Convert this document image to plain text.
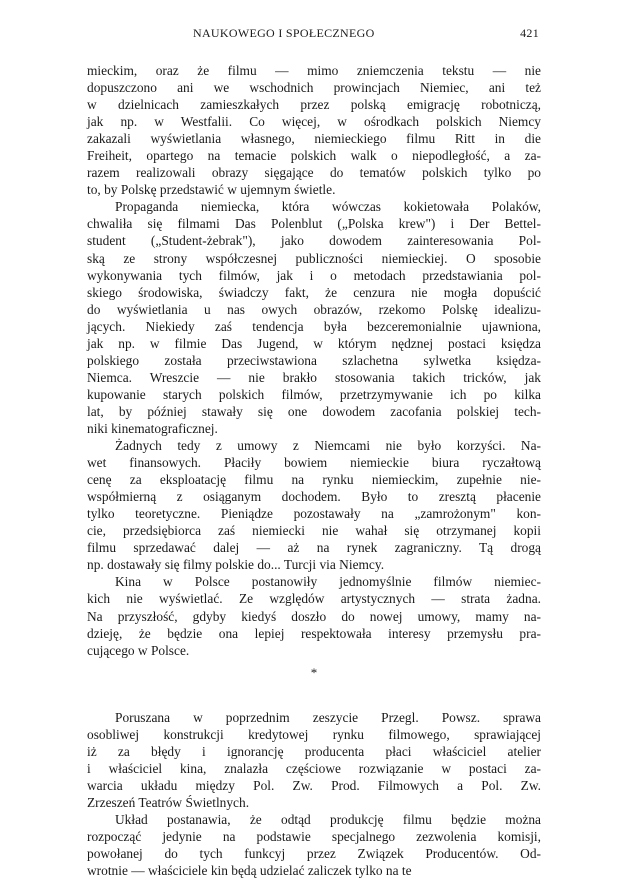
NAUKOWEGO I SPOŁECZNEGO	421

mieckim, oraz że filmu — mimo zniemczenia tekstu — nie
dopuszczono ani we wschodnich prowincjach Niemiec, ani też
w dzielnicach zamieszkałych przez polską emigrację robotniczą,
jak np. w Westfalii. Co więcej, w ośrodkach polskich Niemcy
zakazali wyświetlania własnego, niemieckiego filmu Ritt in die
Freiheit, opartego na temacie polskich walk o niepodległość, a za-
razem realizowali obrazy sięgające do tematów polskich tylko po
to, by Polskę przedstawić w ujemnym świetle.

Propaganda niemiecka, która wówczas kokietowała Polaków,
chwaliła się filmami Das Polenblut („Polska krew") i Der Bettel-
student („Student-żebrak"), jako dowodem zainteresowania Pol-
ską ze strony współczesnej publiczności niemieckiej. O sposobie
wykonywania tych filmów, jak i o metodach przedstawiania pol-
skiego środowiska, świadczy fakt, że cenzura nie mogła dopuścić
do wyświetlania u nas owych obrazów, rzekomo Polskę idealizu-
jących. Niekiedy zaś tendencja była bezceremonialnie ujawniona,
jak np. w filmie Das Jugend, w którym nędznej postaci księdza
polskiego została przeciwstawiona szlachetna sylwetka księdza-
Niemca. Wreszcie — nie brakło stosowania takich tricków, jak
kupowanie starych polskich filmów, przetrzymywanie ich po kilka
lat, by później stawały się one dowodem zacofania polskiej tech-
niki kinematograficznej.

Żadnych tedy z umowy z Niemcami nie było korzyści. Na-
wet finansowych. Płaciły bowiem niemieckie biura ryczałtową
cenę za eksploatację filmu na rynku niemieckim, zupełnie nie-
współmierną z osiąganym dochodem. Było to zresztą płacenie
tylko teoretyczne. Pieniądze pozostawały na „zamrożonym" kon-
cie, przedsiębiorca zaś niemiecki nie wahał się otrzymanej kopii
filmu sprzedawać dalej — aż na rynek zagraniczny. Tą drogą
np. dostawały się filmy polskie do... Turcji via Niemcy.

Kina w Polsce postanowiły jednomyślnie filmów niemiec-
kich nie wyświetlać. Ze względów artystycznych — strata żadna.
Na przyszłość, gdyby kiedyś doszło do nowej umowy, mamy na-
dzieję, że będzie ona lepiej respektowała interesy przemysłu pra-
cującego w Polsce.

*

Poruszana w poprzednim zeszycie Przegl. Powsz. sprawa
osobliwej konstrukcji kredytowej rynku filmowego, sprawiającej
iż za błędy i ignorancję producenta płaci właściciel atelier
i właściciel kina, znalazła częściowe rozwiązanie w postaci za-
warcia układu między Pol. Zw. Prod. Filmowych a Pol. Zw.
Zrzeszeń Teatrów Świetlnych.

Układ postanawia, że odtąd produkcję filmu będzie można
rozpocząć jedynie na podstawie specjalnego zezwolenia komisji,
powołanej do tych funkcyj przez Związek Producentów. Od-
wrotnie — właściciele kin będą udzielać zaliczek tylko na te
